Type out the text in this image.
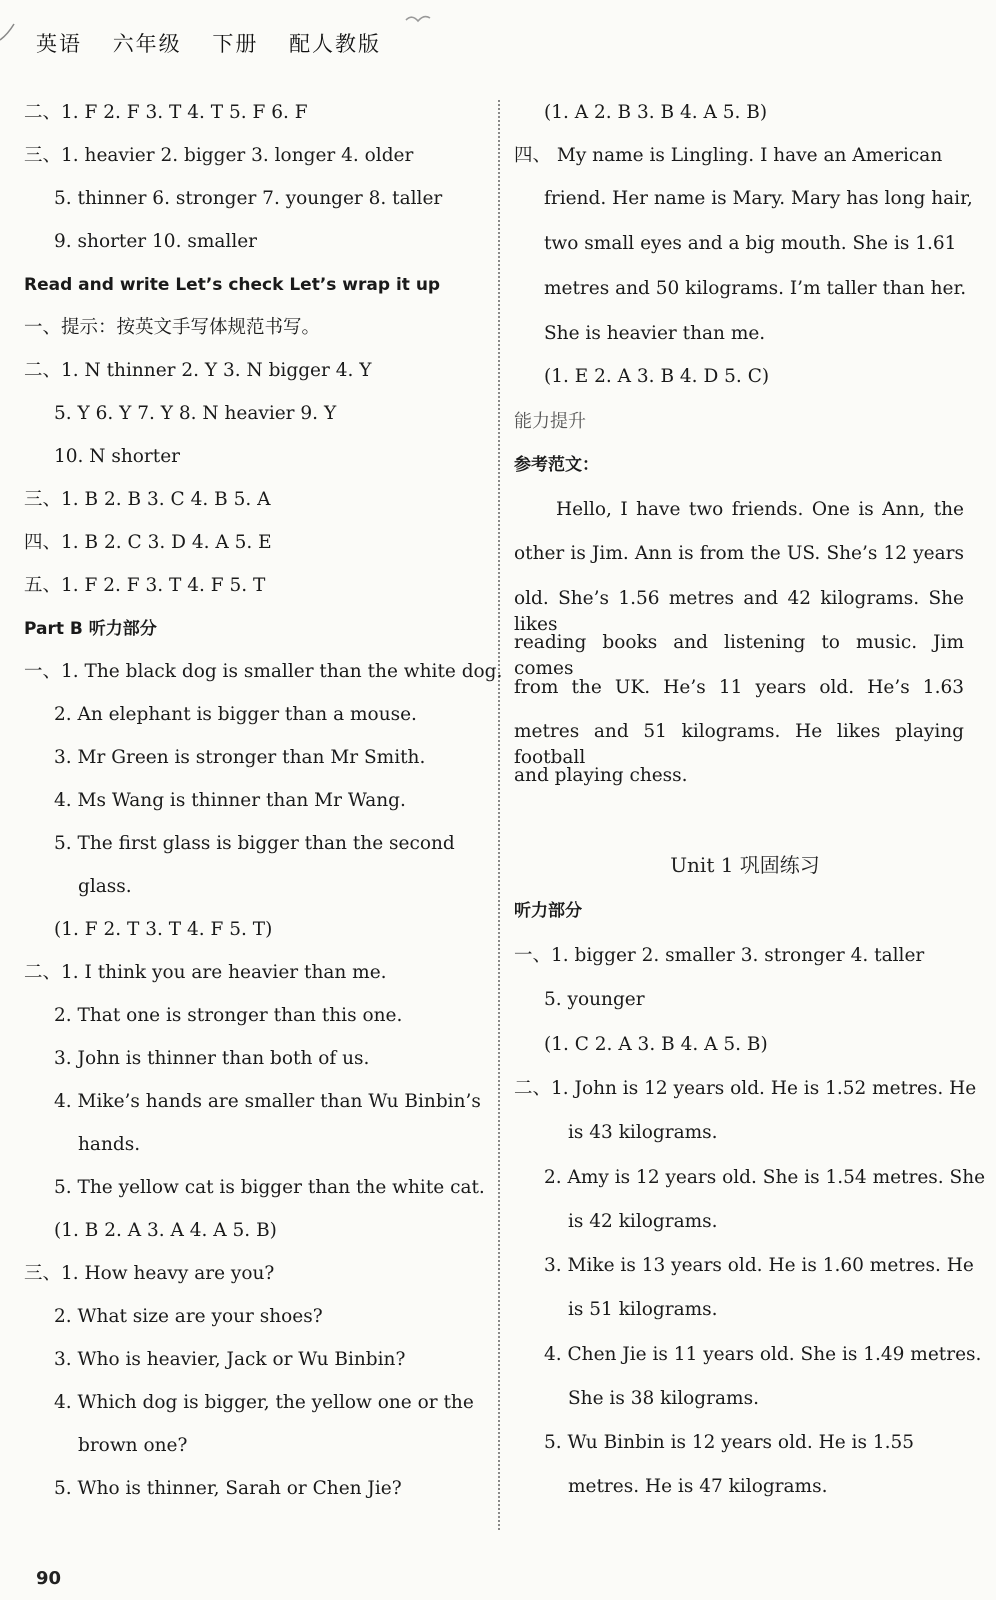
英语 六年级 下册 配人教版
二、1. F 2. F 3. T 4. T 5. F 6. F
三、1. heavier 2. bigger 3. longer 4. older
5. thinner 6. stronger 7. younger 8. taller
9. shorter 10. smaller
Read and write Let’s check Let’s wrap it up
一、提示：按英文手写体规范书写。
二、1. N thinner 2. Y 3. N bigger 4. Y
5. Y 6. Y 7. Y 8. N heavier 9. Y
10. N shorter
三、1. B 2. B 3. C 4. B 5. A
四、1. B 2. C 3. D 4. A 5. E
五、1. F 2. F 3. T 4. F 5. T
Part B 听力部分
一、1. The black dog is smaller than the white dog.
2. An elephant is bigger than a mouse.
3. Mr Green is stronger than Mr Smith.
4. Ms Wang is thinner than Mr Wang.
5. The first glass is bigger than the second
glass.
(1. F 2. T 3. T 4. F 5. T)
二、1. I think you are heavier than me.
2. That one is stronger than this one.
3. John is thinner than both of us.
4. Mike’s hands are smaller than Wu Binbin’s
hands.
5. The yellow cat is bigger than the white cat.
(1. B 2. A 3. A 4. A 5. B)
三、1. How heavy are you?
2. What size are your shoes?
3. Who is heavier, Jack or Wu Binbin?
4. Which dog is bigger, the yellow one or the
brown one?
5. Who is thinner, Sarah or Chen Jie?
(1. A 2. B 3. B 4. A 5. B)
四、 My name is Lingling. I have an American
friend. Her name is Mary. Mary has long hair,
two small eyes and a big mouth. She is 1.61
metres and 50 kilograms. I’m taller than her.
She is heavier than me.
(1. E 2. A 3. B 4. D 5. C)
能力提升
参考范文：
Hello, I have two friends. One is Ann, the
other is Jim. Ann is from the US. She’s 12 years
old. She’s 1.56 metres and 42 kilograms. She likes
reading books and listening to music. Jim comes
from the UK. He’s 11 years old. He’s 1.63
metres and 51 kilograms. He likes playing football
and playing chess.
Unit 1 巩固练习
听力部分
一、1. bigger 2. smaller 3. stronger 4. taller
5. younger
(1. C 2. A 3. B 4. A 5. B)
二、1. John is 12 years old. He is 1.52 metres. He
is 43 kilograms.
2. Amy is 12 years old. She is 1.54 metres. She
is 42 kilograms.
3. Mike is 13 years old. He is 1.60 metres. He
is 51 kilograms.
4. Chen Jie is 11 years old. She is 1.49 metres.
She is 38 kilograms.
5. Wu Binbin is 12 years old. He is 1.55
metres. He is 47 kilograms.
90
